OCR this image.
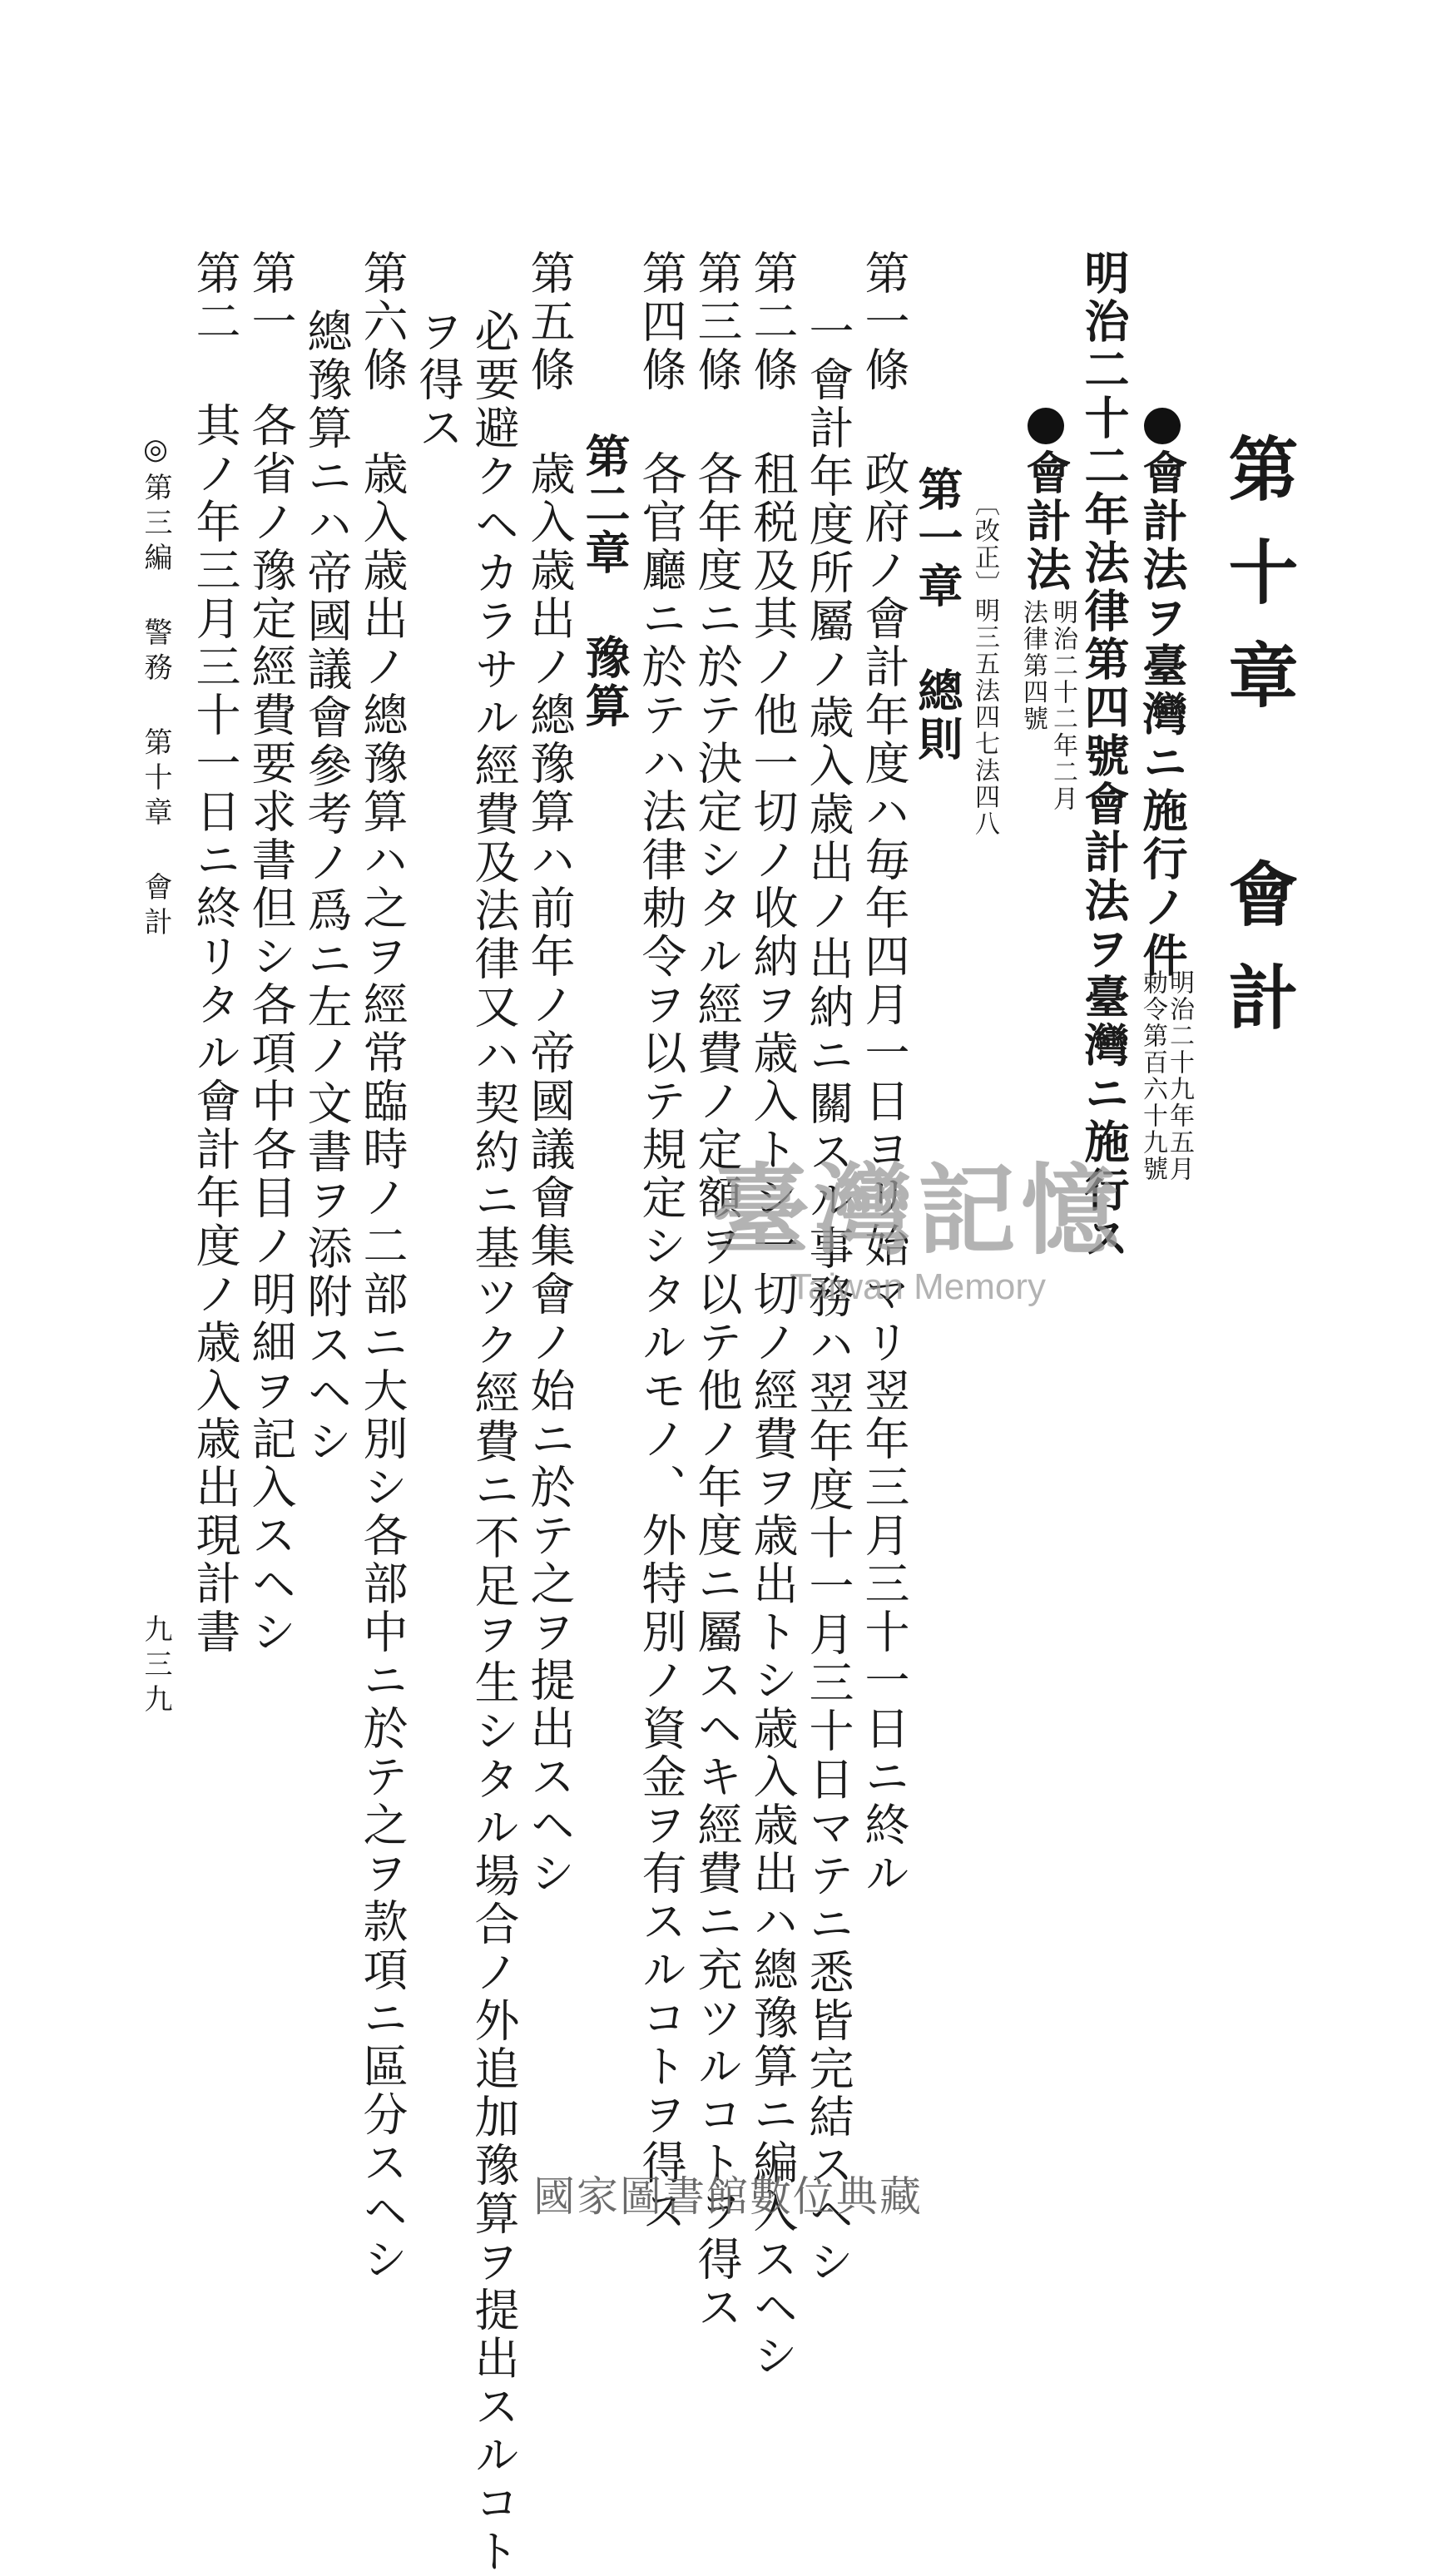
第十章 會計
會計法ヲ臺灣ニ施行ノ件
明治二十九年五月
勅令第百六十九號
明治二十二年法律第四號會計法ヲ臺灣ニ施行ス
會計法
明治二十二年二月
法律第四號
〔改正〕明三五法四七法四八
第一章 總則
第一條 政府ノ會計年度ハ毎年四月一日ヨリ始マリ翌年三月三十一日ニ終ル
一會計年度所屬ノ歳入歳出ノ出納ニ關スル事務ハ翌年度十一月三十日マテニ悉皆完結スヘシ
第二條 租税及其ノ他一切ノ收納ヲ歳入トシ一切ノ經費ヲ歳出トシ歳入歳出ハ總豫算ニ編入スヘシ
第三條 各年度ニ於テ決定シタル經費ノ定額ヲ以テ他ノ年度ニ屬スヘキ經費ニ充ツルコトヲ得ス
第四條 各官廳ニ於テハ法律勅令ヲ以テ規定シタルモノ、外特別ノ資金ヲ有スルコトヲ得ス
第二章 豫算
第五條 歳入歳出ノ總豫算ハ前年ノ帝國議會集會ノ始ニ於テ之ヲ提出スヘシ
必要避クヘカラサル經費及法律又ハ契約ニ基ツク經費ニ不足ヲ生シタル場合ノ外追加豫算ヲ提出スルコト
ヲ得ス
第六條 歳入歳出ノ總豫算ハ之ヲ經常臨時ノ二部ニ大別シ各部中ニ於テ之ヲ款項ニ區分スヘシ
總豫算ニハ帝國議會參考ノ爲ニ左ノ文書ヲ添附スヘシ
第一 各省ノ豫定經費要求書但シ各項中各目ノ明細ヲ記入スヘシ
第二 其ノ年三月三十一日ニ終リタル會計年度ノ歳入歳出現計書
◎第三編 警務 第十章 會計
九三九
臺灣記憶
Taiwan Memory
國家圖書館數位典藏
